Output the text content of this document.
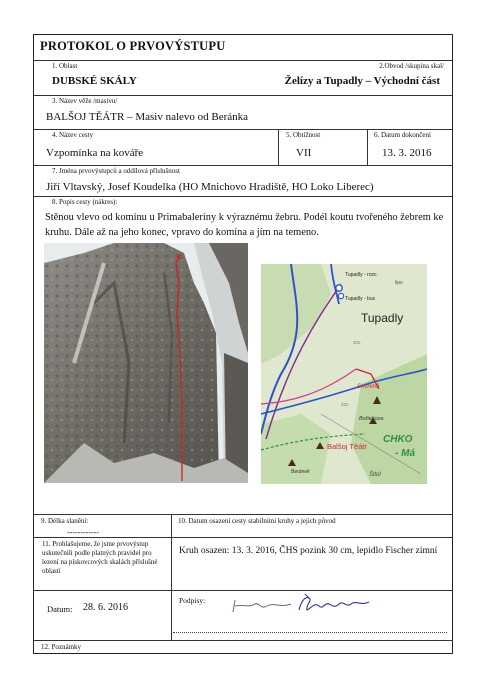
PROTOKOL O PRVOVÝSTUPU
1. Oblast	2.Obvod /skupina skal/
DUBSKÉ SKÁLY	Želízy a Tupadly – Východní část
3. Název věže /masivu/
BALŠOJ TĚÁTR – Masiv nalevo od Beránka
4. Název cesty	5. Obtížnost	6. Datum dokončení
Vzpomínka na kováře	VII	13. 3. 2016
7. Jména prvovýstupců a oddílová příslušnost
Jiří Vltavský, Josef Koudelka (HO Mnichovo Hradiště, HO Loko Liberec)
8. Popis cesty (nákres):
Stěnou vlevo od komínu u Primabaleríny k výraznému žebru. Podél koutu tvořeného žebrem ke kruhu. Dále až na jeho konec, vpravo do komína a jím na temeno.
Tupadly - rozc.
Tupadly - bus
lipo
Tupadly
Sevřená
Bořiekova
CHKO
- Má
Balšoj Těátr
Beránek	Šitol
322
302
9. Délka slanění:
------------
10. Datum osazení cesty stabilními kruhy a jejich původ
Kruh osazen: 13. 3. 2016, ČHS pozink 30 cm, lepidlo Fischer zimní
11. Prohlašujeme, že jsme prvovýstup uskutečnili podle platných pravidel pro lezení na pískovcových skalách příslušné oblasti
Datum: 28. 6. 2016
Podpisy:
12. Poznámky
